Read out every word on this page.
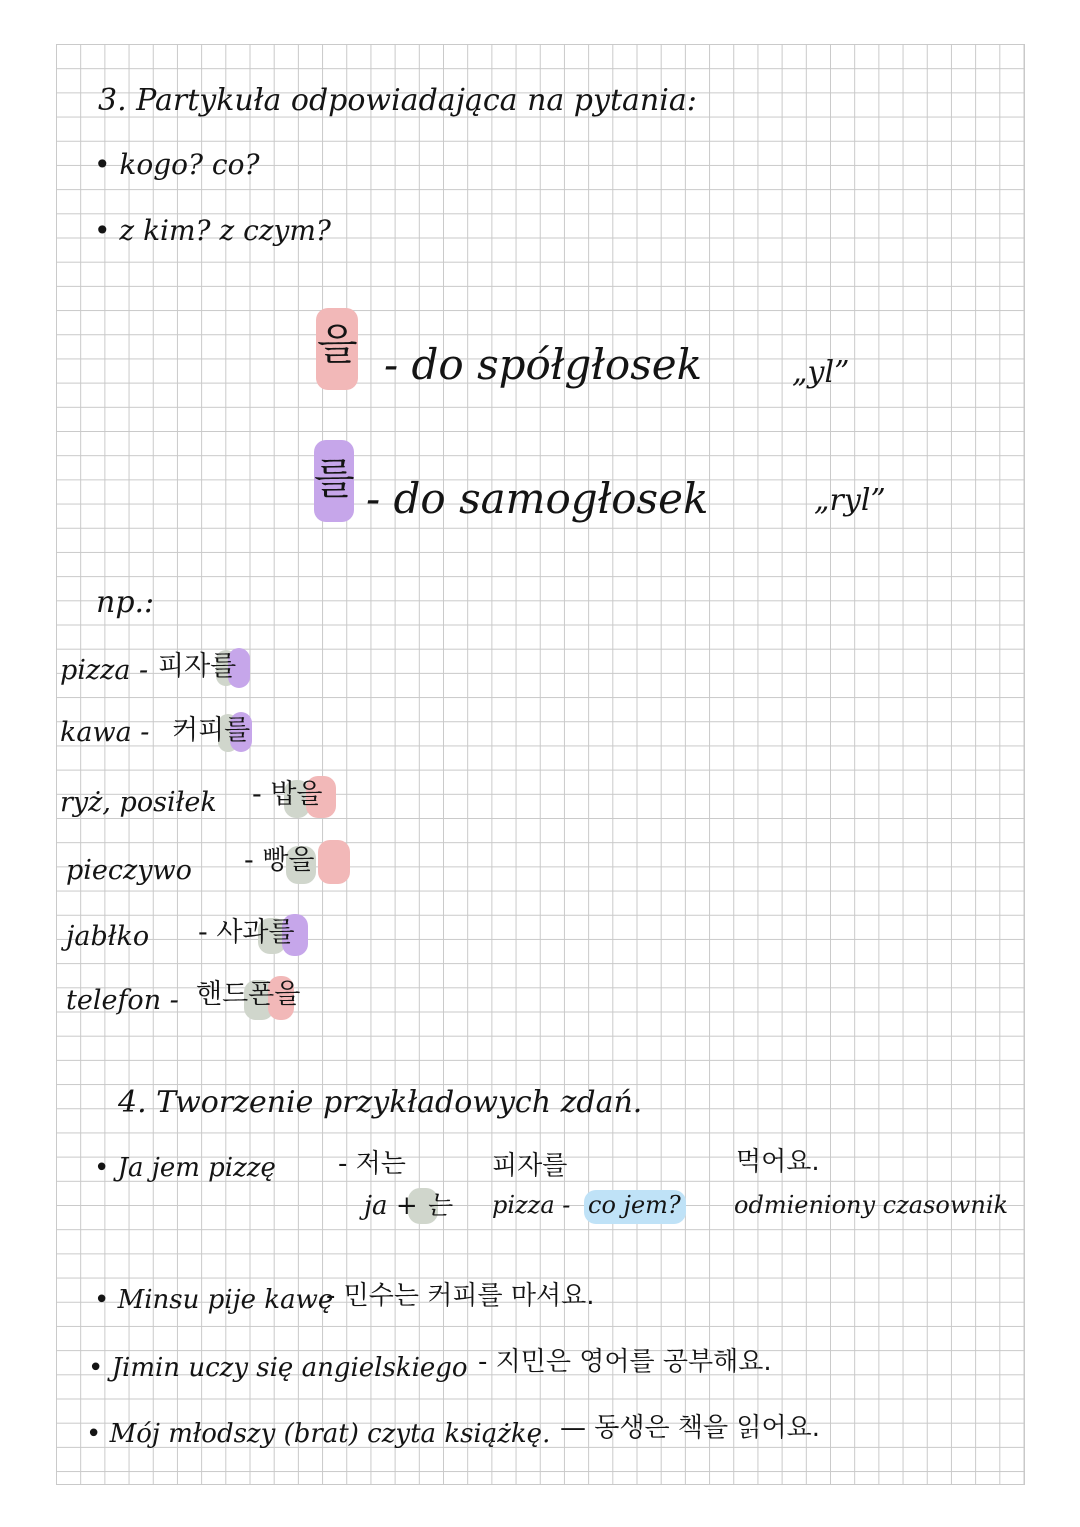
3. Partykuła odpowiadająca na pytania:
• kogo? co?
• z kim? z czym?
을 - do spółgłosek	„yl”
를 - do samogłosek	„ryl”
np.:
pizza - 피자를
kawa - 커피를
ryż, posiłek - 밥을
pieczywo - 빵을
jabłko - 사과를
telefon - 핸드폰을
4. Tworzenie przykładowych zdań.
• Ja jem pizzę - 저는
ja + 는
피자를
pizza - co jem?
먹어요.
odmieniony czasownik
• Minsu pije kawę
- 민수는 커피를 마셔요.
• Jimin uczy się angielskiego - 지민은 영어를 공부해요.
• Mój młodszy (brat) czyta książkę. — 동생은 책을 읽어요.
